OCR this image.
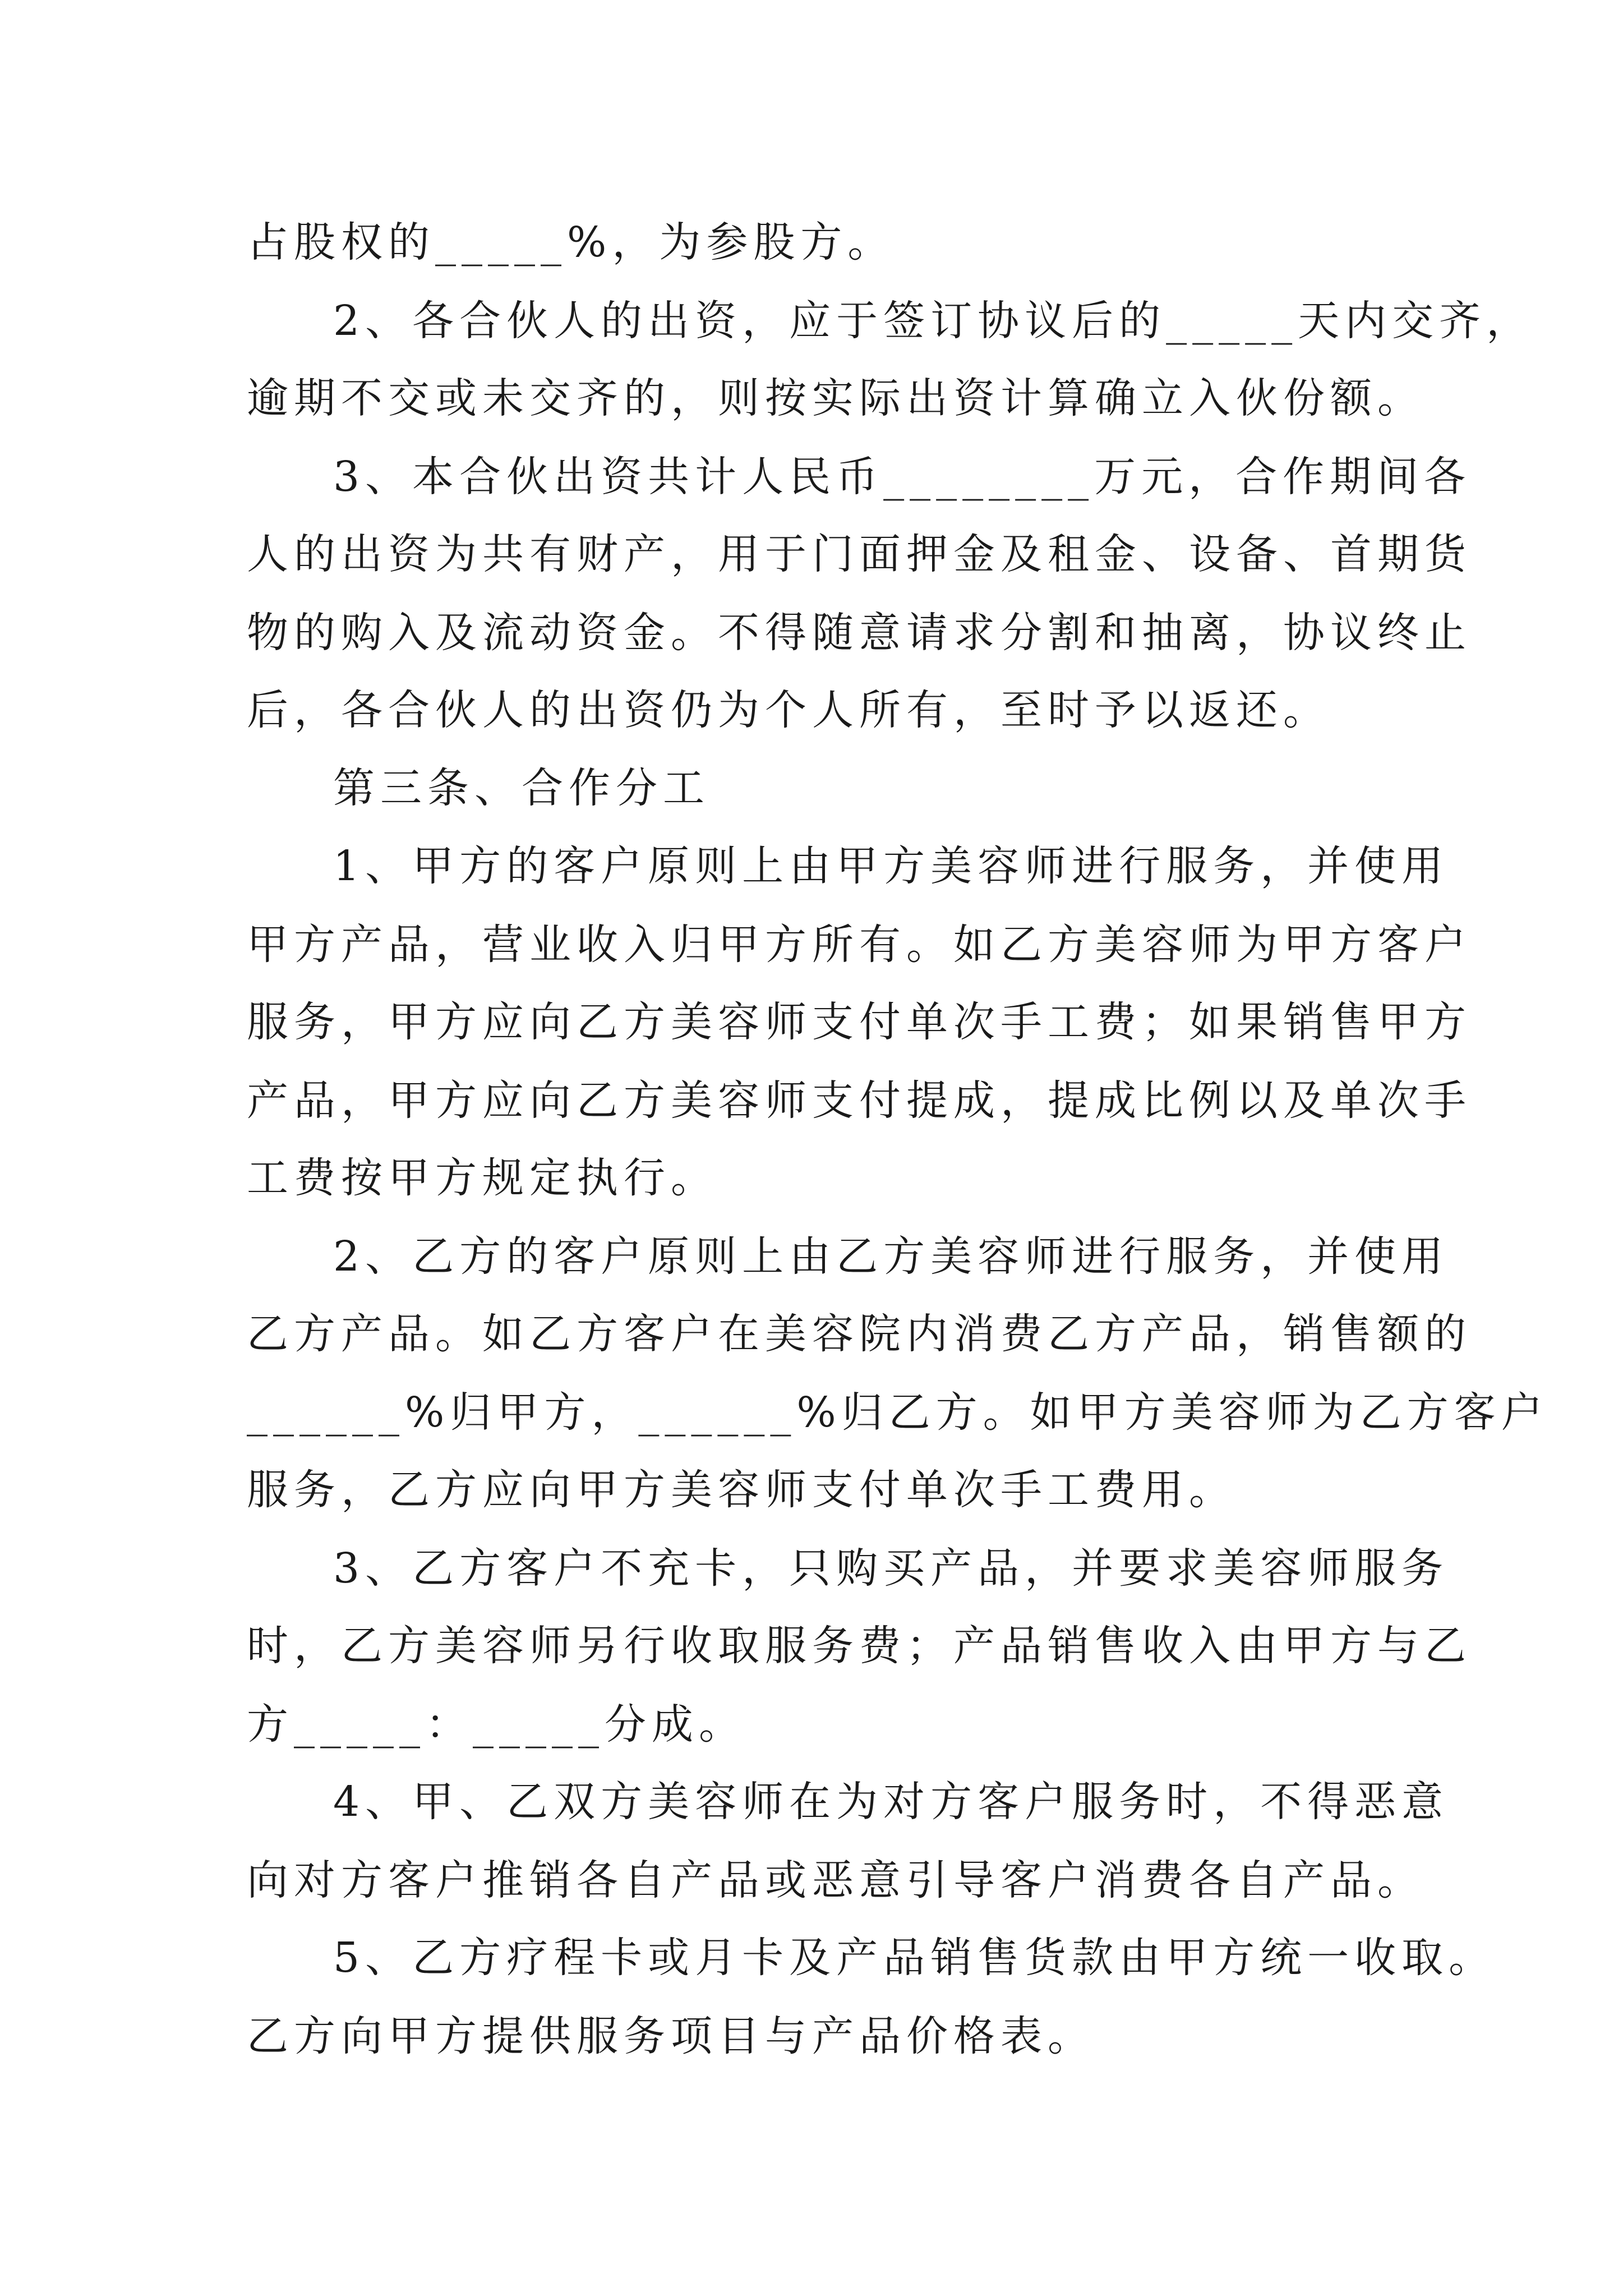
占股权的_____%，为参股方。
2、各合伙人的出资，应于签订协议后的_____天内交齐，
逾期不交或未交齐的，则按实际出资计算确立入伙份额。
3、本合伙出资共计人民币________万元，合作期间各
人的出资为共有财产，用于门面押金及租金、设备、首期货
物的购入及流动资金。不得随意请求分割和抽离，协议终止
后，各合伙人的出资仍为个人所有，至时予以返还。
第三条、合作分工
1、甲方的客户原则上由甲方美容师进行服务，并使用
甲方产品，营业收入归甲方所有。如乙方美容师为甲方客户
服务，甲方应向乙方美容师支付单次手工费；如果销售甲方
产品，甲方应向乙方美容师支付提成，提成比例以及单次手
工费按甲方规定执行。
2、乙方的客户原则上由乙方美容师进行服务，并使用
乙方产品。如乙方客户在美容院内消费乙方产品，销售额的
______%归甲方，______%归乙方。如甲方美容师为乙方客户
服务，乙方应向甲方美容师支付单次手工费用。
3、乙方客户不充卡，只购买产品，并要求美容师服务
时，乙方美容师另行收取服务费；产品销售收入由甲方与乙
方_____：_____分成。
4、甲、乙双方美容师在为对方客户服务时，不得恶意
向对方客户推销各自产品或恶意引导客户消费各自产品。
5、乙方疗程卡或月卡及产品销售货款由甲方统一收取。
乙方向甲方提供服务项目与产品价格表。
